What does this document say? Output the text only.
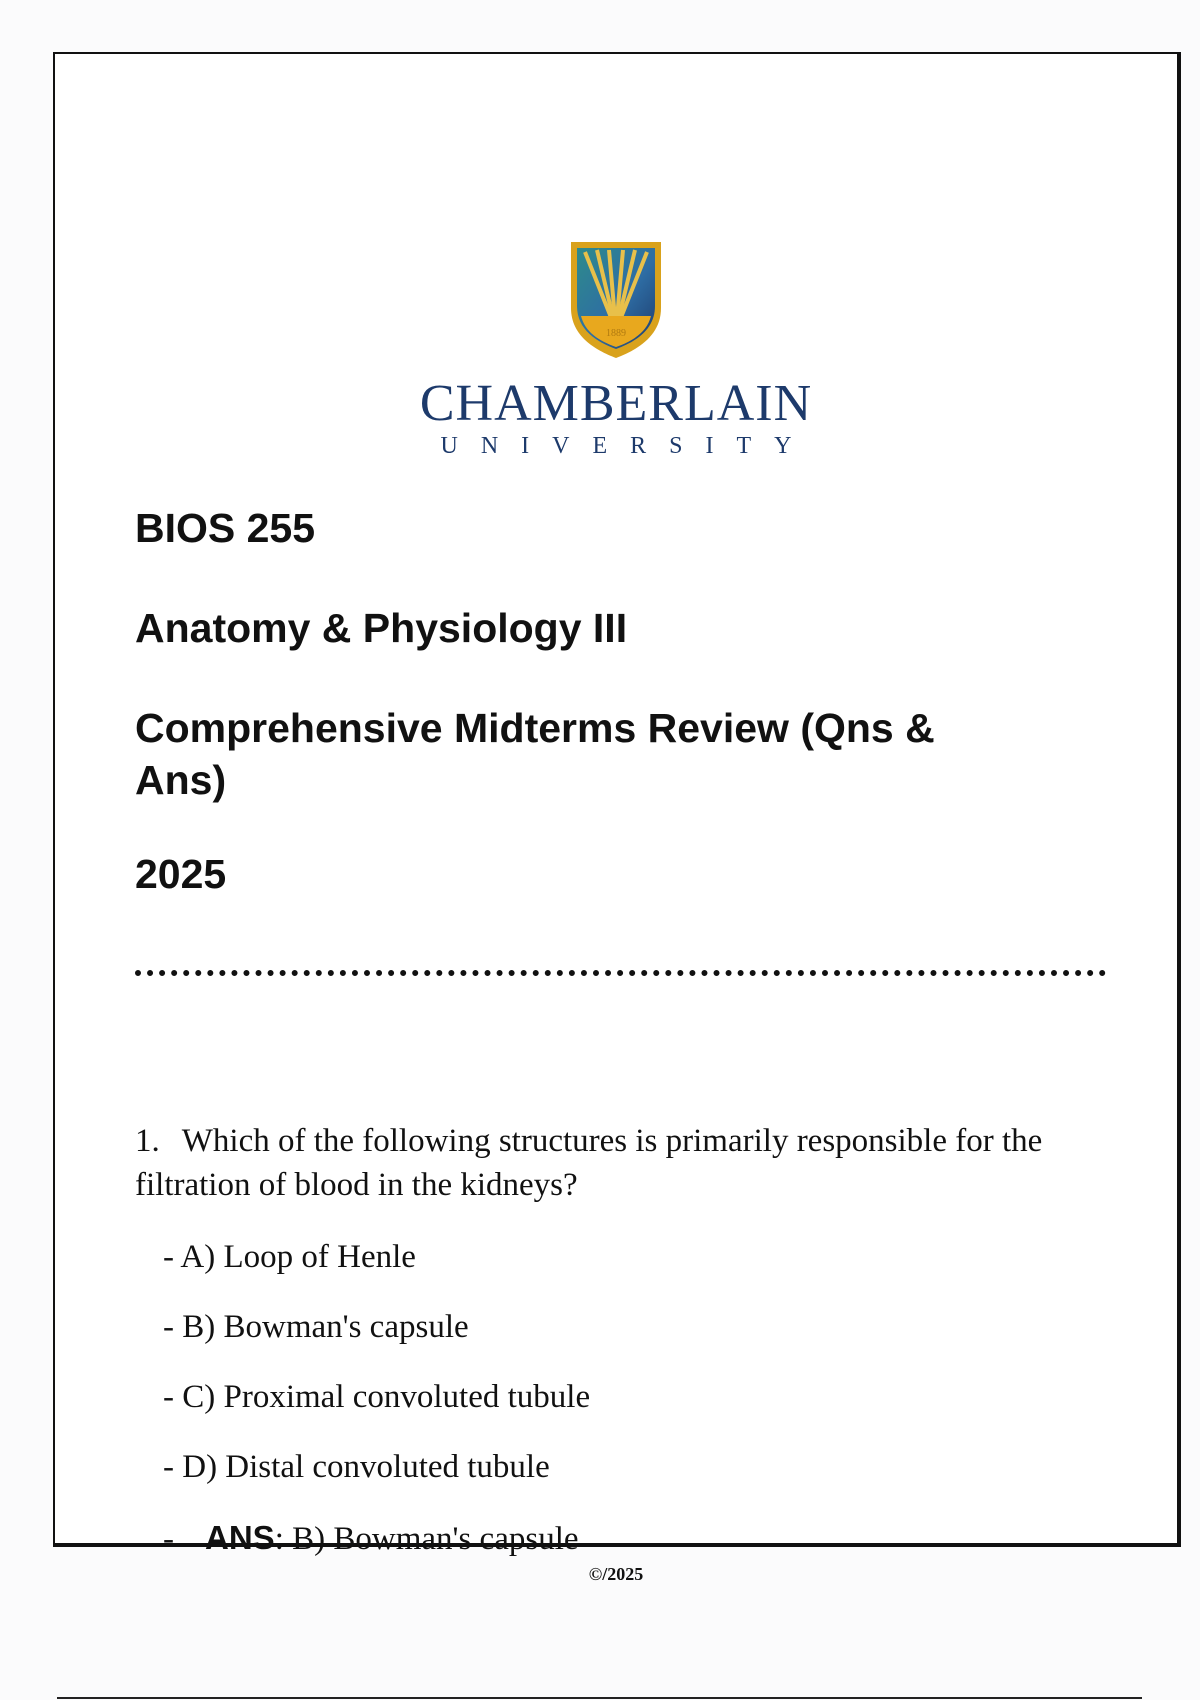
1889
CHAMBERLAIN
UNIVERSITY

BIOS 255

Anatomy & Physiology III

Comprehensive Midterms Review (Qns & Ans)

2025

1. Which of the following structures is primarily responsible for the filtration of blood in the kidneys?
- A) Loop of Henle
- B) Bowman's capsule
- C) Proximal convoluted tubule
- D) Distal convoluted tubule
- ANS: B) Bowman's capsule
©/2025
